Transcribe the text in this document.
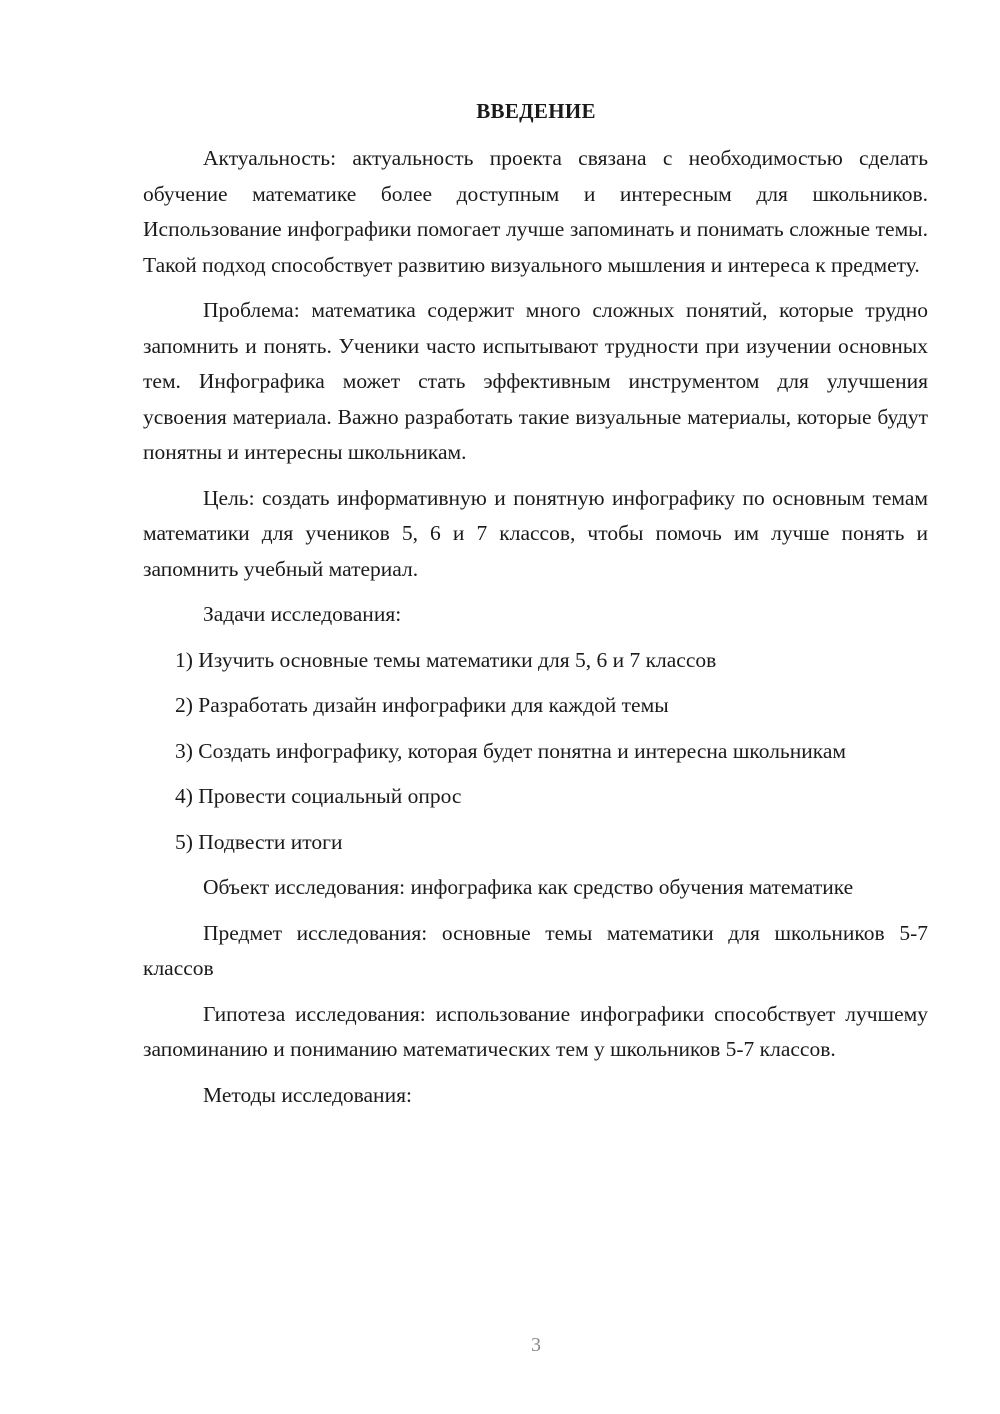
ВВЕДЕНИЕ

Актуальность: актуальность проекта связана с необходимостью сделать обучение математике более доступным и интересным для школьников. Использование инфографики помогает лучше запоминать и понимать сложные темы. Такой подход способствует развитию визуального мышления и интереса к предмету.

Проблема: математика содержит много сложных понятий, которые трудно запомнить и понять. Ученики часто испытывают трудности при изучении основных тем. Инфографика может стать эффективным инструментом для улучшения усвоения материала. Важно разработать такие визуальные материалы, которые будут понятны и интересны школьникам.

Цель: создать информативную и понятную инфографику по основным темам математики для учеников 5, 6 и 7 классов, чтобы помочь им лучше понять и запомнить учебный материал.

Задачи исследования:

1) Изучить основные темы математики для 5, 6 и 7 классов

2) Разработать дизайн инфографики для каждой темы

3) Создать инфографику, которая будет понятна и интересна школьникам

4) Провести социальный опрос

5) Подвести итоги

Объект исследования: инфографика как средство обучения математике

Предмет исследования: основные темы математики для школьников 5-7 классов

Гипотеза исследования: использование инфографики способствует лучшему запоминанию и пониманию математических тем у школьников 5-7 классов.

Методы исследования:

3
